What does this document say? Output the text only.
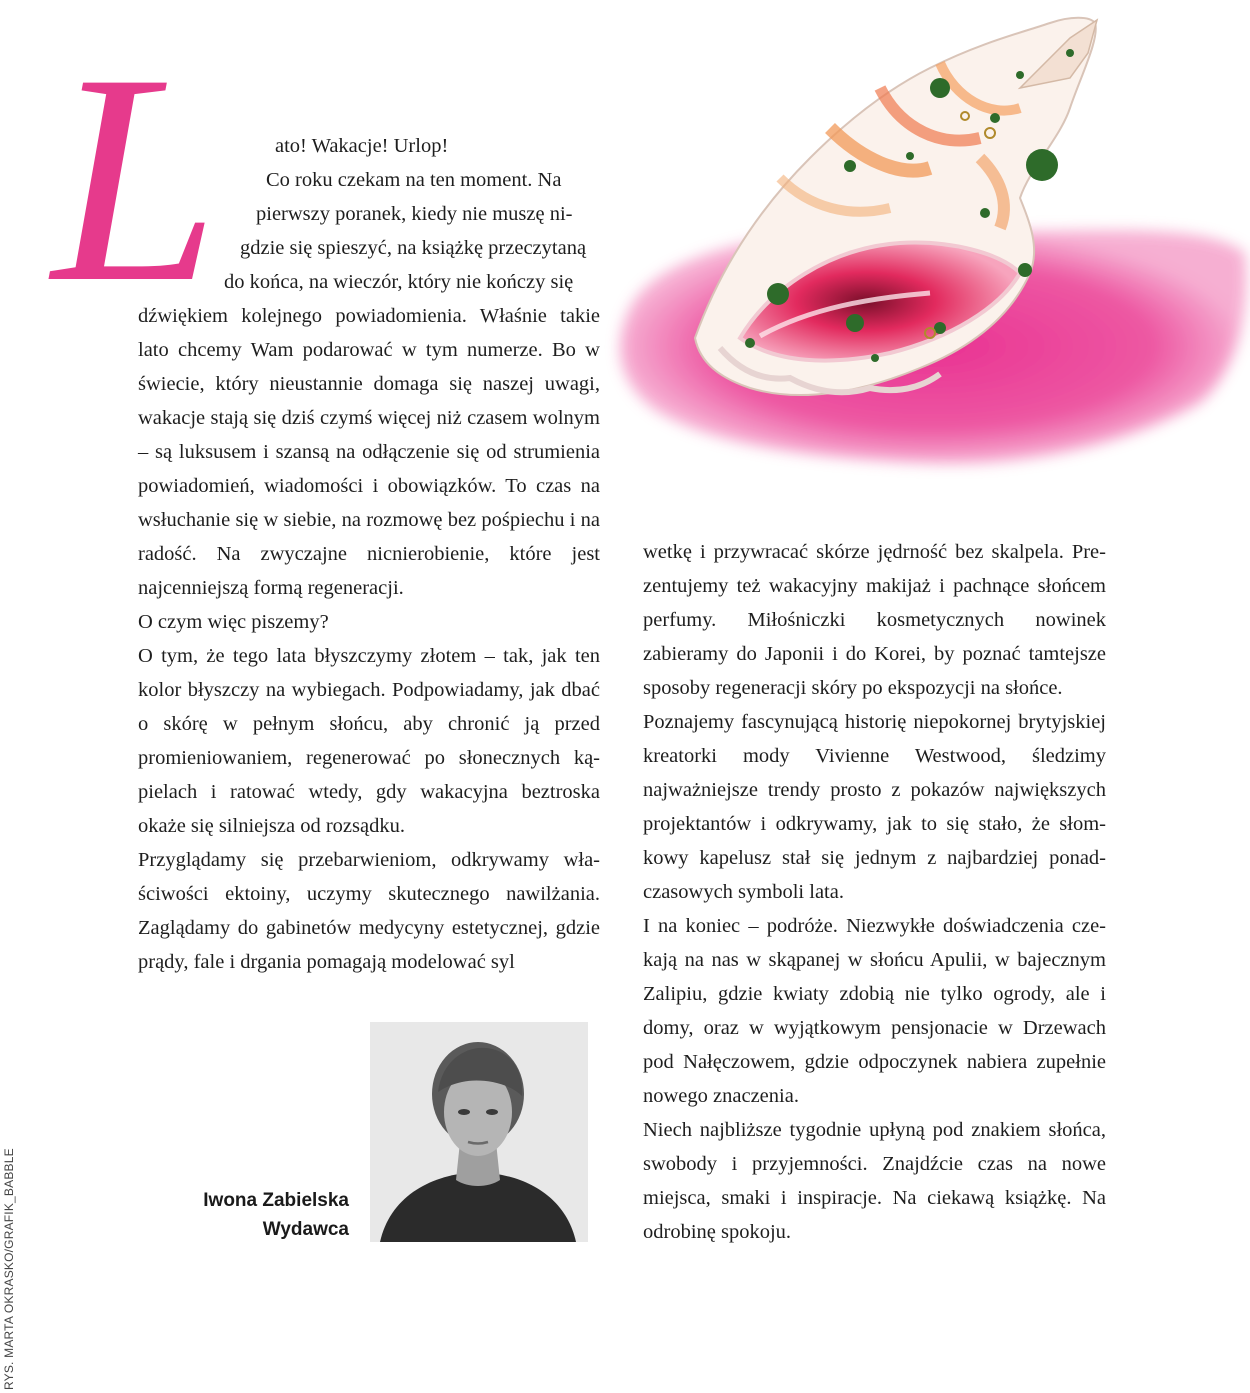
L	ato! Wakacje! Urlop!

Co roku czekam na ten moment. Na

pierwszy poranek, kiedy nie muszę ni-

gdzie się spieszyć, na książkę przeczytaną

do końca, na wieczór, który nie kończy się

dźwiękiem kolejnego powiadomienia. Właśnie takie lato chcemy Wam podarować w tym numerze. Bo w świecie, który nieustannie domaga się naszej uwagi, wakacje stają się dziś czymś więcej niż czasem wolnym – są luksusem i szansą na odłączenie się od strumienia powiadomień, wiadomości i obowiązków. To czas na wsłuchanie się w siebie, na rozmowę bez pośpiechu i na radość. Na zwyczajne nicnierobienie, które jest najcenniejszą formą regeneracji.

O czym więc piszemy?

O tym, że tego lata błyszczymy złotem – tak, jak ten kolor błyszczy na wybiegach. Podpowiadamy, jak dbać o skórę w pełnym słońcu, aby chronić ją przed promieniowaniem, regenerować po słonecznych kąpielach i ratować wtedy, gdy wakacyjna beztroska okaże się silniejsza od rozsądku.

Przyglądamy się przebarwieniom, odkrywamy właściwości ektoiny, uczymy skutecznego nawilżania. Zaglądamy do gabinetów medycyny estetycznej, gdzie prądy, fale i drgania pomagają modelować syl

wetkę i przywracać skórze jędrność bez skalpela. Prezentujemy też wakacyjny makijaż i pachnące słońcem perfumy. Miłośniczki kosmetycznych nowinek zabieramy do Japonii i do Korei, by poznać tamtejsze sposoby regeneracji skóry po ekspozycji na słońce.

Poznajemy fascynującą historię niepokornej brytyjskiej kreatorki mody Vivienne Westwood, śledzimy najważniejsze trendy prosto z pokazów największych projektantów i odkrywamy, jak to się stało, że słomkowy kapelusz stał się jednym z najbardziej ponadczasowych symboli lata.

I na koniec – podróże. Niezwykłe doświadczenia czekają na nas w skąpanej w słońcu Apulii, w bajecznym Zalipiu, gdzie kwiaty zdobią nie tylko ogrody, ale i domy, oraz w wyjątkowym pensjonacie w Drzewach pod Nałęczowem, gdzie odpoczynek nabiera zupełnie nowego znaczenia.

Niech najbliższe tygodnie upłyną pod znakiem słońca, swobody i przyjemności. Znajdźcie czas na nowe miejsca, smaki i inspiracje. Na ciekawą książkę. Na odrobinę spokoju.

Iwona Zabielska
Wydawca
RYS. MARTA OKRASKO/GRAFIK_BABBLE
